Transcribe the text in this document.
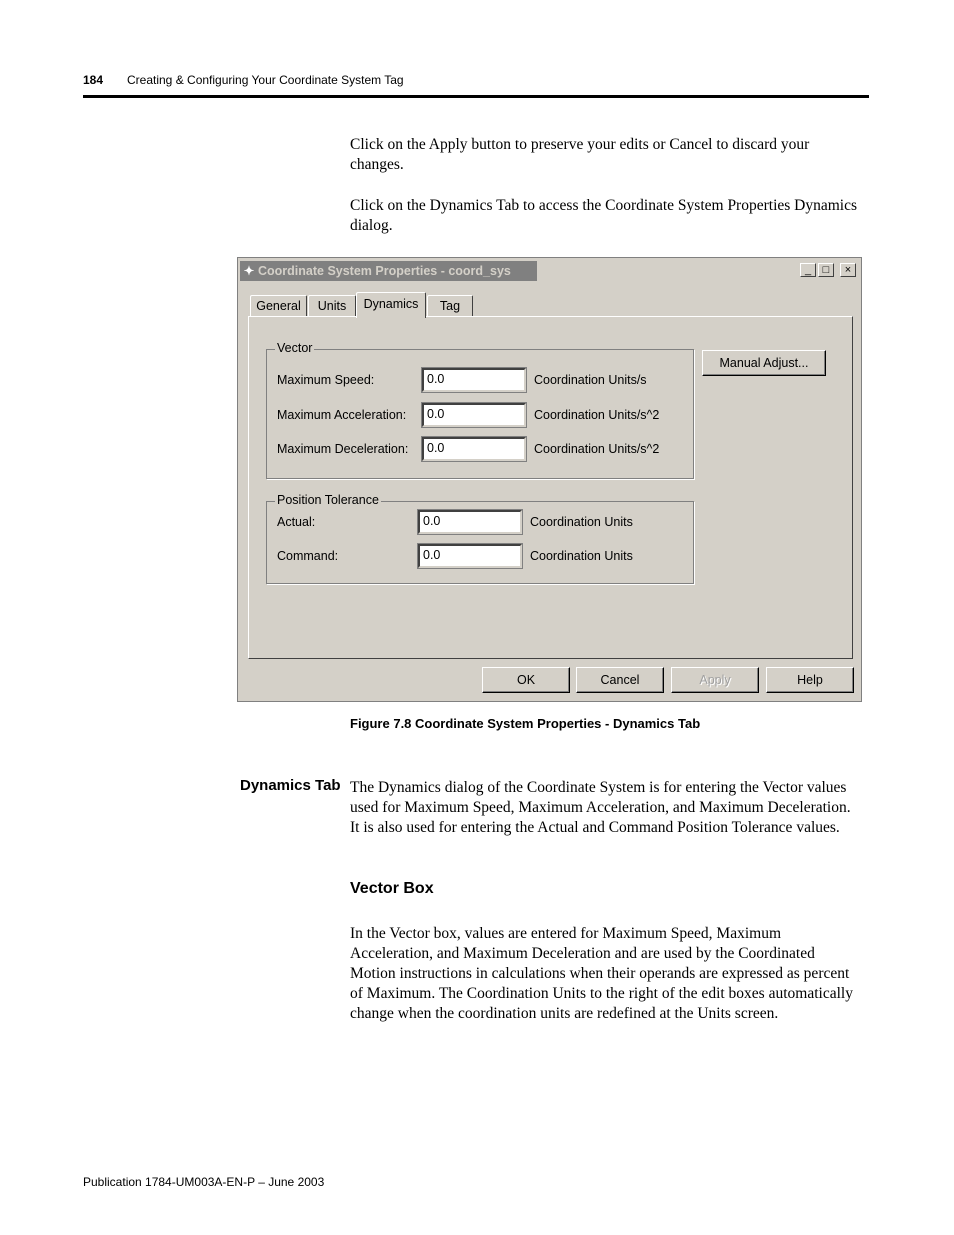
184 Creating & Configuring Your Coordinate System Tag

Click on the Apply button to preserve your edits or Cancel to discard your changes.

Click on the Dynamics Tab to access the Coordinate System Properties Dynamics dialog.

✦ Coordinate System Properties - coord_sys	_	□	×
General	Units	Dynamics	Tag
Vector
Maximum Speed:	0.0	Coordination Units/s
Maximum Acceleration:	0.0	Coordination Units/s^2
Maximum Deceleration:	0.0	Coordination Units/s^2
Manual Adjust...
Position Tolerance
Actual:	0.0	Coordination Units
Command:	0.0	Coordination Units
OK	Cancel	Apply	Help
Figure 7.8 Coordinate System Properties - Dynamics Tab
Dynamics Tab The Dynamics dialog of the Coordinate System is for entering the Vector values used for Maximum Speed, Maximum Acceleration, and Maximum Deceleration. It is also used for entering the Actual and Command Position Tolerance values.

Vector Box

In the Vector box, values are entered for Maximum Speed, Maximum Acceleration, and Maximum Deceleration and are used by the Coordinated Motion instructions in calculations when their operands are expressed as percent of Maximum. The Coordination Units to the right of the edit boxes automatically change when the coordination units are redefined at the Units screen.

Publication 1784-UM003A-EN-P – June 2003
